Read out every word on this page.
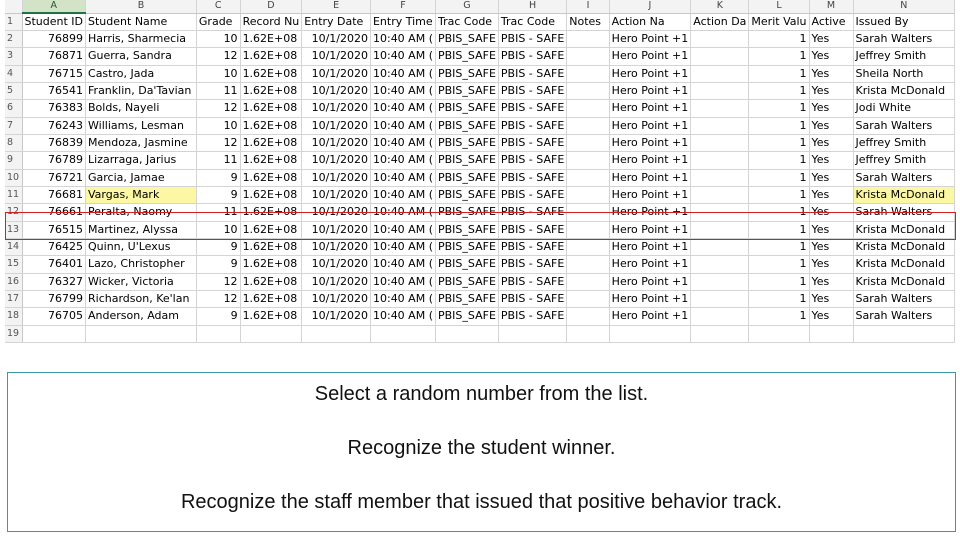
	A	B	C	D	E	F	G	H	I	J	K	L	M	N
1	Student ID	Student Name	Grade	Record Nu	Entry Date	Entry Time	Trac Code	Trac Code	Notes	Action Na	Action Da	Merit Valu	Active	Issued By
2	76899	Harris, Sharmecia	10	1.62E+08	10/1/2020	10:40 AM (	PBIS_SAFE	PBIS - SAFE		Hero Point +1		1	Yes	Sarah Walters
3	76871	Guerra, Sandra	12	1.62E+08	10/1/2020	10:40 AM (	PBIS_SAFE	PBIS - SAFE		Hero Point +1		1	Yes	Jeffrey Smith
4	76715	Castro, Jada	10	1.62E+08	10/1/2020	10:40 AM (	PBIS_SAFE	PBIS - SAFE		Hero Point +1		1	Yes	Sheila North
5	76541	Franklin, Da'Tavian	11	1.62E+08	10/1/2020	10:40 AM (	PBIS_SAFE	PBIS - SAFE		Hero Point +1		1	Yes	Krista McDonald
6	76383	Bolds, Nayeli	12	1.62E+08	10/1/2020	10:40 AM (	PBIS_SAFE	PBIS - SAFE		Hero Point +1		1	Yes	Jodi White
7	76243	Williams, Lesman	10	1.62E+08	10/1/2020	10:40 AM (	PBIS_SAFE	PBIS - SAFE		Hero Point +1		1	Yes	Sarah Walters
8	76839	Mendoza, Jasmine	12	1.62E+08	10/1/2020	10:40 AM (	PBIS_SAFE	PBIS - SAFE		Hero Point +1		1	Yes	Jeffrey Smith
9	76789	Lizarraga, Jarius	11	1.62E+08	10/1/2020	10:40 AM (	PBIS_SAFE	PBIS - SAFE		Hero Point +1		1	Yes	Jeffrey Smith
10	76721	Garcia, Jamae	9	1.62E+08	10/1/2020	10:40 AM (	PBIS_SAFE	PBIS - SAFE		Hero Point +1		1	Yes	Sarah Walters
11	76681	Vargas, Mark	9	1.62E+08	10/1/2020	10:40 AM (	PBIS_SAFE	PBIS - SAFE		Hero Point +1		1	Yes	Krista McDonald
12	76661	Peralta, Naomy	11	1.62E+08	10/1/2020	10:40 AM (	PBIS_SAFE	PBIS - SAFE		Hero Point +1		1	Yes	Sarah Walters
13	76515	Martinez, Alyssa	10	1.62E+08	10/1/2020	10:40 AM (	PBIS_SAFE	PBIS - SAFE		Hero Point +1		1	Yes	Krista McDonald
14	76425	Quinn, U'Lexus	9	1.62E+08	10/1/2020	10:40 AM (	PBIS_SAFE	PBIS - SAFE		Hero Point +1		1	Yes	Krista McDonald
15	76401	Lazo, Christopher	9	1.62E+08	10/1/2020	10:40 AM (	PBIS_SAFE	PBIS - SAFE		Hero Point +1		1	Yes	Krista McDonald
16	76327	Wicker, Victoria	12	1.62E+08	10/1/2020	10:40 AM (	PBIS_SAFE	PBIS - SAFE		Hero Point +1		1	Yes	Krista McDonald
17	76799	Richardson, Ke'lan	12	1.62E+08	10/1/2020	10:40 AM (	PBIS_SAFE	PBIS - SAFE		Hero Point +1		1	Yes	Sarah Walters
18	76705	Anderson, Adam	9	1.62E+08	10/1/2020	10:40 AM (	PBIS_SAFE	PBIS - SAFE		Hero Point +1		1	Yes	Sarah Walters
19														

Select a random number from the list.

Recognize the student winner.

Recognize the staff member that issued that positive behavior track.
